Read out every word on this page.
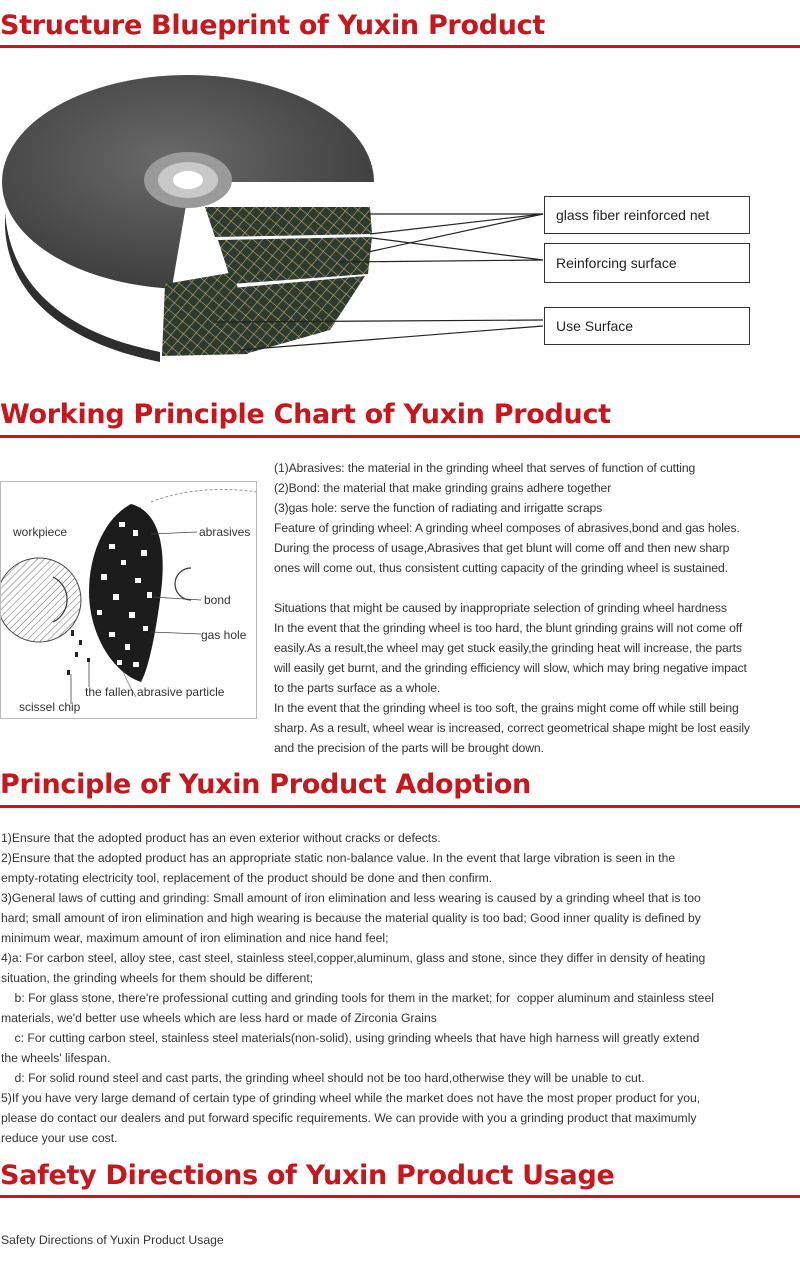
Structure Blueprint of Yuxin Product
glass fiber reinforced net
Reinforcing surface
Use Surface
Working Principle Chart of Yuxin Product
workpiece	abrasives
bond
gas hole
the fallen abrasive particle
scissel chip

(1)Abrasives: the material in the grinding wheel that serves of function of cutting

(2)Bond: the material that make grinding grains adhere together

(3)gas hole: serve the function of radiating and irrigatte scraps

Feature of grinding wheel: A grinding wheel composes of abrasives,bond and gas holes.

During the process of usage,Abrasives that get blunt will come off and then new sharp

ones will come out, thus consistent cutting capacity of the grinding wheel is sustained.

Situations that might be caused by inappropriate selection of grinding wheel hardness

In the event that the grinding wheel is too hard, the blunt grinding grains will not come off

easily.As a result,the wheel may get stuck easily,the grinding heat will increase, the parts

will easily get burnt, and the grinding efficiency will slow, which may bring negative impact

to the parts surface as a whole.

In the event that the grinding wheel is too soft, the grains might come off while still being

sharp. As a result, wheel wear is increased, correct geometrical shape might be lost easily

and the precision of the parts will be brought down.

Principle of Yuxin Product Adoption

1)Ensure that the adopted product has an even exterior without cracks or defects.

2)Ensure that the adopted product has an appropriate static non-balance value. In the event that large vibration is seen in the

empty-rotating electricity tool, replacement of the product should be done and then confirm.

3)General laws of cutting and grinding: Small amount of iron elimination and less wearing is caused by a grinding wheel that is too

hard; small amount of iron elimination and high wearing is because the material quality is too bad; Good inner quality is defined by

minimum wear, maximum amount of iron elimination and nice hand feel;

4)a: For carbon steel, alloy stee, cast steel, stainless steel,copper,aluminum, glass and stone, since they differ in density of heating

situation, the grinding wheels for them should be different;

b: For glass stone, there're professional cutting and grinding tools for them in the market; for  copper aluminum and stainless steel

materials, we'd better use wheels which are less hard or made of Zirconia Grains

c: For cutting carbon steel, stainless steel materials(non-solid), using grinding wheels that have high harness will greatly extend

the wheels' lifespan.

d: For solid round steel and cast parts, the grinding wheel should not be too hard,otherwise they will be unable to cut.

5)If you have very large demand of certain type of grinding wheel while the market does not have the most proper product for you,

please do contact our dealers and put forward specific requirements. We can provide with you a grinding product that maximumly

reduce your use cost.

Safety Directions of Yuxin Product Usage

Safety Directions of Yuxin Product Usage
